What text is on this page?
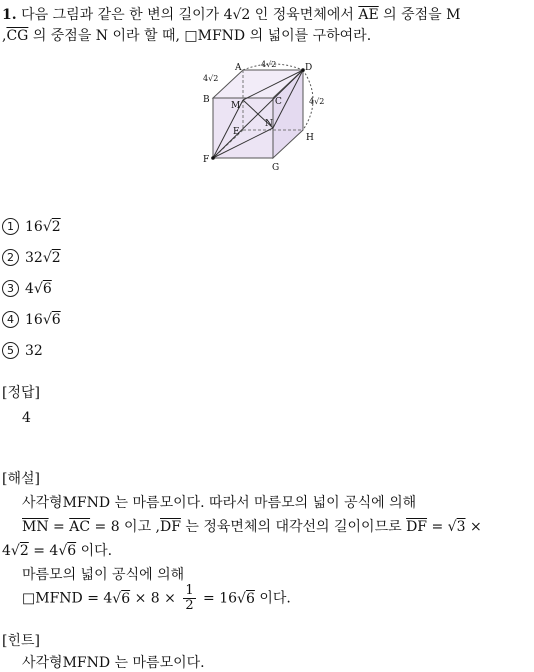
1. 다음 그림과 같은 한 변의 길이가 4√2 인 정육면체에서 $\overline{AE}$ 의 중점을 M
$,\overline{CG}$ 의 중점을 N 이라 할 때, □MFND 의 넓이를 구하여라.
A
B	C
D
E
F
G
H
M
N
4√2
4√2
4√2
1 16√2
2 32√2
3 4√6
4 16√6
5 32
[정답]
4
[해설]
사각형MFND 는 마름모이다. 따라서 마름모의 넓이 공식에 의해
$\overline{MN} = \overline{AC} = 8$ 이고 $,\overline{DF}$ 는 정육면체의 대각선의 길이이므로 $\overline{DF} = √3$ ×
4√2 = 4√6 이다.
마름모의 넓이 공식에 의해
□MFND = $4√6 \times 8 \times \frac{1}{2} = 16√6$ 이다.
[힌트]
사각형MFND 는 마름모이다.
